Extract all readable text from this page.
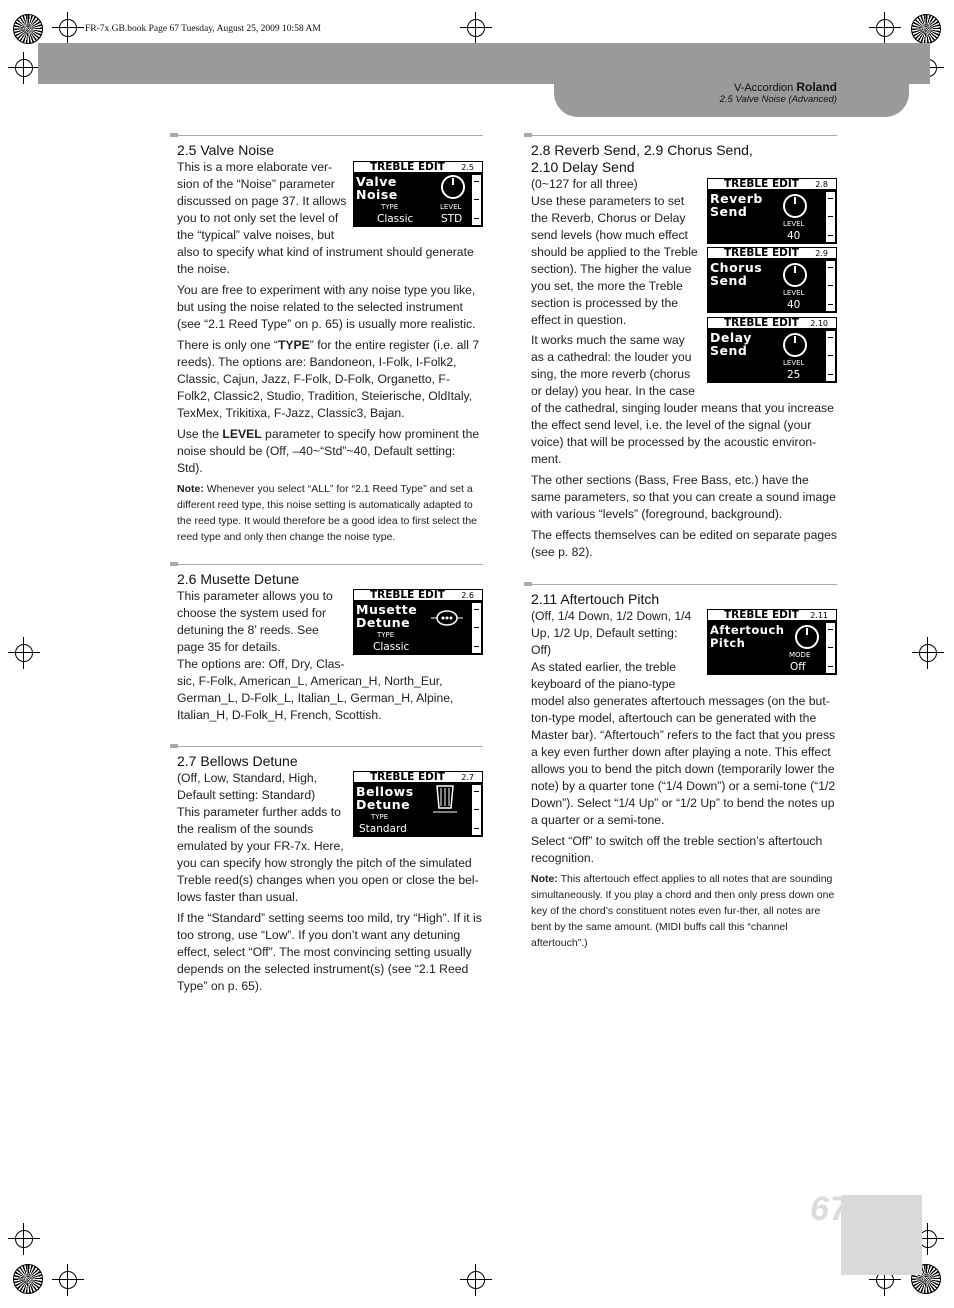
FR-7x GB.book Page 67 Tuesday, August 25, 2009 10:58 AM
V-Accordion Roland
2.5 Valve Noise (Advanced)
2.5 Valve Noise
This is a more elaborate ver-
sion of the “Noise” parameter
discussed on page 37. It allows
you to not only set the level of
the “typical” valve noises, but
also to specify what kind of instrument should generate the noise.
You are free to experiment with any noise type you like, but using the noise related to the selected instrument (see “2.1 Reed Type” on p. 65) is usually more realistic.
There is only one “TYPE” for the entire register (i.e. all 7 reeds). The options are: Bandoneon, I-Folk, I-Folk2, Classic, Cajun, Jazz, F-Folk, D-Folk, Organetto, F-Folk2, Classic2, Studio, Tradition, Steierische, OldItaly, TexMex, Trikitixa, F-Jazz, Classic3, Bajan.
Use the LEVEL parameter to specify how prominent the noise should be (Off, –40~“Std”~40, Default setting: Std).
Note: Whenever you select “ALL” for “2.1 Reed Type” and set a different reed type, this noise setting is automatically adapted to the reed type. It would therefore be a good idea to first select the reed type and only then change the noise type.
TREBLE EDIT 2.5
Valve
Noise
TYPE
Classic
LEVEL
STD
2.6 Musette Detune
This parameter allows you to
choose the system used for
detuning the 8’ reeds. See
page 35 for details.
The options are: Off, Dry, Clas-
sic, F-Folk, American_L, American_H, North_Eur, German_L, D-Folk_L, Italian_L, German_H, Alpine, Italian_H, D-Folk_H, French, Scottish.
TREBLE EDIT 2.6
Musette
Detune
TYPE
Classic
2.7 Bellows Detune
(Off, Low, Standard, High,
Default setting: Standard)
This parameter further adds to
the realism of the sounds
emulated by your FR-7x. Here,
you can specify how strongly the pitch of the simulated Treble reed(s) changes when you open or close the bel-lows faster than usual.
If the “Standard” setting seems too mild, try “High”. If it is too strong, use “Low”. If you don’t want any detuning effect, select “Off”. The most convincing setting usually depends on the selected instrument(s) (see “2.1 Reed Type” on p. 65).
TREBLE EDIT 2.7
Bellows
Detune
TYPE
Standard
2.8 Reverb Send, 2.9 Chorus Send,
2.10 Delay Send
(0~127 for all three)
Use these parameters to set
the Reverb, Chorus or Delay
send levels (how much effect
should be applied to the Treble
section). The higher the value
you set, the more the Treble
section is processed by the
effect in question.
It works much the same way
as a cathedral: the louder you
sing, the more reverb (chorus
or delay) you hear. In the case
of the cathedral, singing louder means that you increase the effect send level, i.e. the level of the signal (your voice) that will be processed by the acoustic environ-ment.
The other sections (Bass, Free Bass, etc.) have the same parameters, so that you can create a sound image with various “levels” (foreground, background).
The effects themselves can be edited on separate pages (see p. 82).
TREBLE EDIT 2.8
Reverb
Send
LEVEL
40
TREBLE EDIT 2.9
Chorus
Send
LEVEL
40
TREBLE EDIT 2.10
Delay
Send
LEVEL
25
2.11 Aftertouch Pitch
(Off, 1/4 Down, 1/2 Down, 1/4
Up, 1/2 Up, Default setting:
Off)
As stated earlier, the treble
keyboard of the piano-type
model also generates aftertouch messages (on the but-ton-type model, aftertouch can be generated with the Master bar). “Aftertouch” refers to the fact that you press a key even further down after playing a note. This effect allows you to bend the pitch down (temporarily lower the note) by a quarter tone (“1/4 Down”) or a semi-tone (“1/2 Down”). Select “1/4 Up” or “1/2 Up” to bend the notes up a quarter or a semi-tone.
Select “Off” to switch off the treble section’s aftertouch recognition.
Note: This aftertouch effect applies to all notes that are sounding simultaneously. If you play a chord and then only press down one key of the chord’s constituent notes even fur-ther, all notes are bent by the same amount. (MIDI buffs call this “channel aftertouch”.)
TREBLE EDIT 2.11
Aftertouch
Pitch
MODE
Off
67
